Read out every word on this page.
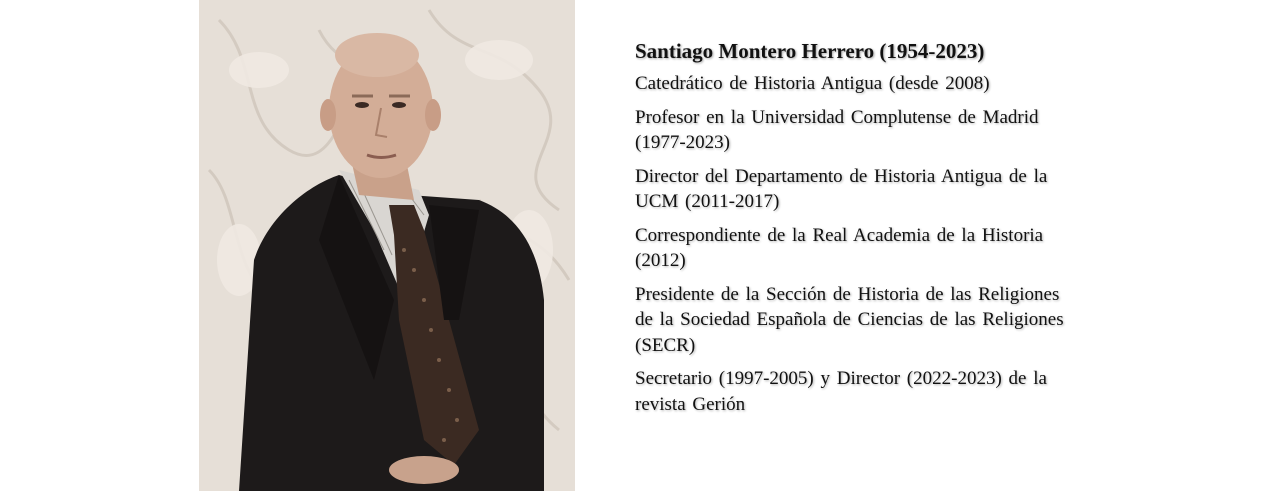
Santiago Montero Herrero (1954-2023)
Catedrático de Historia Antigua (desde 2008)
Profesor en la Universidad Complutense de Madrid (1977-2023)
Director del Departamento de Historia Antigua de la UCM (2011-2017)
Correspondiente de la Real Academia de la Historia (2012)
Presidente de la Sección de Historia de las Religiones de la Sociedad Española de Ciencias de las Religiones (SECR)
Secretario (1997-2005) y Director (2022-2023) de la revista Gerión
